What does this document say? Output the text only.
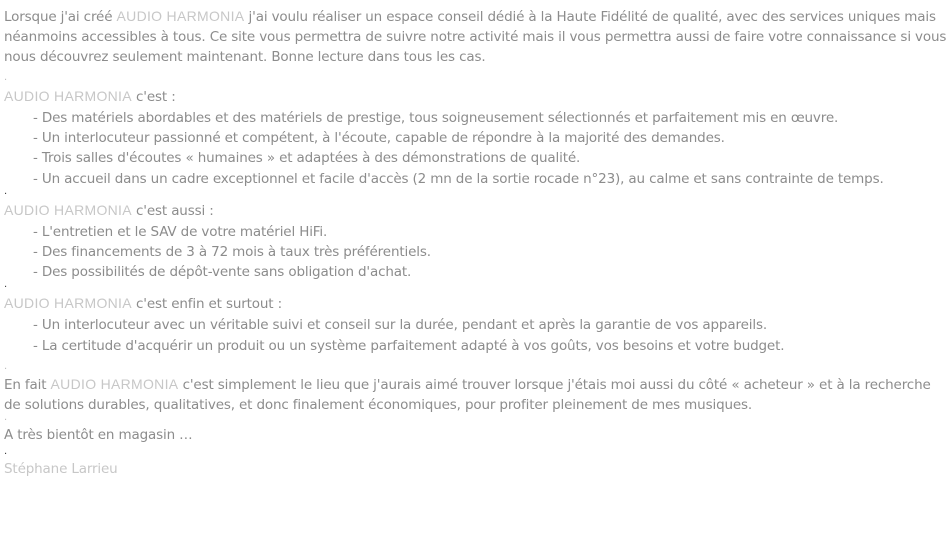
Lorsque j'ai créé AUDIO HARMONIA j'ai voulu réaliser un espace conseil dédié à la Haute Fidélité de qualité, avec des services uniques mais néanmoins accessibles à tous. Ce site vous permettra de suivre notre activité mais il vous permettra aussi de faire votre connaissance si vous nous découvrez seulement maintenant. Bonne lecture dans tous les cas.

.

AUDIO HARMONIA c'est :

- Des matériels abordables et des matériels de prestige, tous soigneusement sélectionnés et parfaitement mis en œuvre.
- Un interlocuteur passionné et compétent, à l'écoute, capable de répondre à la majorité des demandes.
- Trois salles d'écoutes « humaines » et adaptées à des démonstrations de qualité.
- Un accueil dans un cadre exceptionnel et facile d'accès (2 mn de la sortie rocade n°23), au calme et sans contrainte de temps.
.

AUDIO HARMONIA c'est aussi :

- L'entretien et le SAV de votre matériel HiFi.
- Des financements de 3 à 72 mois à taux très préférentiels.
- Des possibilités de dépôt-vente sans obligation d'achat.
.

AUDIO HARMONIA c'est enfin et surtout :

- Un interlocuteur avec un véritable suivi et conseil sur la durée, pendant et après la garantie de vos appareils.
- La certitude d'acquérir un produit ou un système parfaitement adapté à vos goûts, vos besoins et votre budget.
.

En fait AUDIO HARMONIA c'est simplement le lieu que j'aurais aimé trouver lorsque j'étais moi aussi du côté « acheteur » et à la recherche de solutions durables, qualitatives, et donc finalement économiques, pour profiter pleinement de mes musiques.

.

A très bientôt en magasin …

.

Stéphane Larrieu
